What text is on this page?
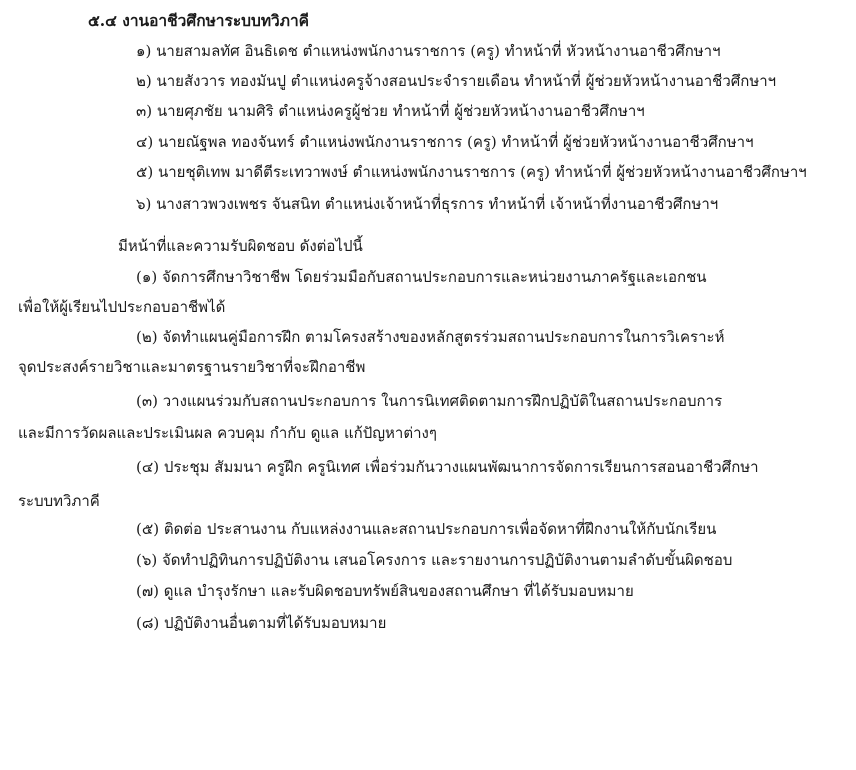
๕.๔ งานอาชีวศึกษาระบบทวิภาคี
๑) นายสามลทัศ อินธิเดช ตำแหน่งพนักงานราชการ (ครู) ทำหน้าที่ หัวหน้างานอาชีวศึกษาฯ
๒) นายสังวาร ทองมันปู ตำแหน่งครูจ้างสอนประจำรายเดือน ทำหน้าที่ ผู้ช่วยหัวหน้างานอาชีวศึกษาฯ
๓) นายศุภชัย นามศิริ ตำแหน่งครูผู้ช่วย ทำหน้าที่ ผู้ช่วยหัวหน้างานอาชีวศึกษาฯ
๔) นายณัฐพล ทองจันทร์ ตำแหน่งพนักงานราชการ (ครู) ทำหน้าที่ ผู้ช่วยหัวหน้างานอาชีวศึกษาฯ
๕) นายชุติเทพ มาดีตีระเทวาพงษ์ ตำแหน่งพนักงานราชการ (ครู) ทำหน้าที่ ผู้ช่วยหัวหน้างานอาชีวศึกษาฯ
๖) นางสาวพวงเพชร จันสนิท ตำแหน่งเจ้าหน้าที่ธุรการ ทำหน้าที่ เจ้าหน้าที่งานอาชีวศึกษาฯ
มีหน้าที่และความรับผิดชอบ ดังต่อไปนี้
(๑) จัดการศึกษาวิชาชีพ โดยร่วมมือกับสถานประกอบการและหน่วยงานภาครัฐและเอกชน
เพื่อให้ผู้เรียนไปประกอบอาชีพได้
(๒) จัดทำแผนคู่มือการฝึก ตามโครงสร้างของหลักสูตรร่วมสถานประกอบการในการวิเคราะห์
จุดประสงค์รายวิชาและมาตรฐานรายวิชาที่จะฝึกอาชีพ
(๓) วางแผนร่วมกับสถานประกอบการ ในการนิเทศติดตามการฝึกปฏิบัติในสถานประกอบการ
และมีการวัดผลและประเมินผล ควบคุม กำกับ ดูแล แก้ปัญหาต่างๆ
(๔) ประชุม สัมมนา ครูฝึก ครูนิเทศ เพื่อร่วมกันวางแผนพัฒนาการจัดการเรียนการสอนอาชีวศึกษา
ระบบทวิภาคี
(๕) ติดต่อ ประสานงาน กับแหล่งงานและสถานประกอบการเพื่อจัดหาที่ฝึกงานให้กับนักเรียน
(๖) จัดทำปฏิทินการปฏิบัติงาน เสนอโครงการ และรายงานการปฏิบัติงานตามลำดับขั้นผิดชอบ
(๗) ดูแล บำรุงรักษา และรับผิดชอบทรัพย์สินของสถานศึกษา ที่ได้รับมอบหมาย
(๘) ปฏิบัติงานอื่นตามที่ได้รับมอบหมาย
